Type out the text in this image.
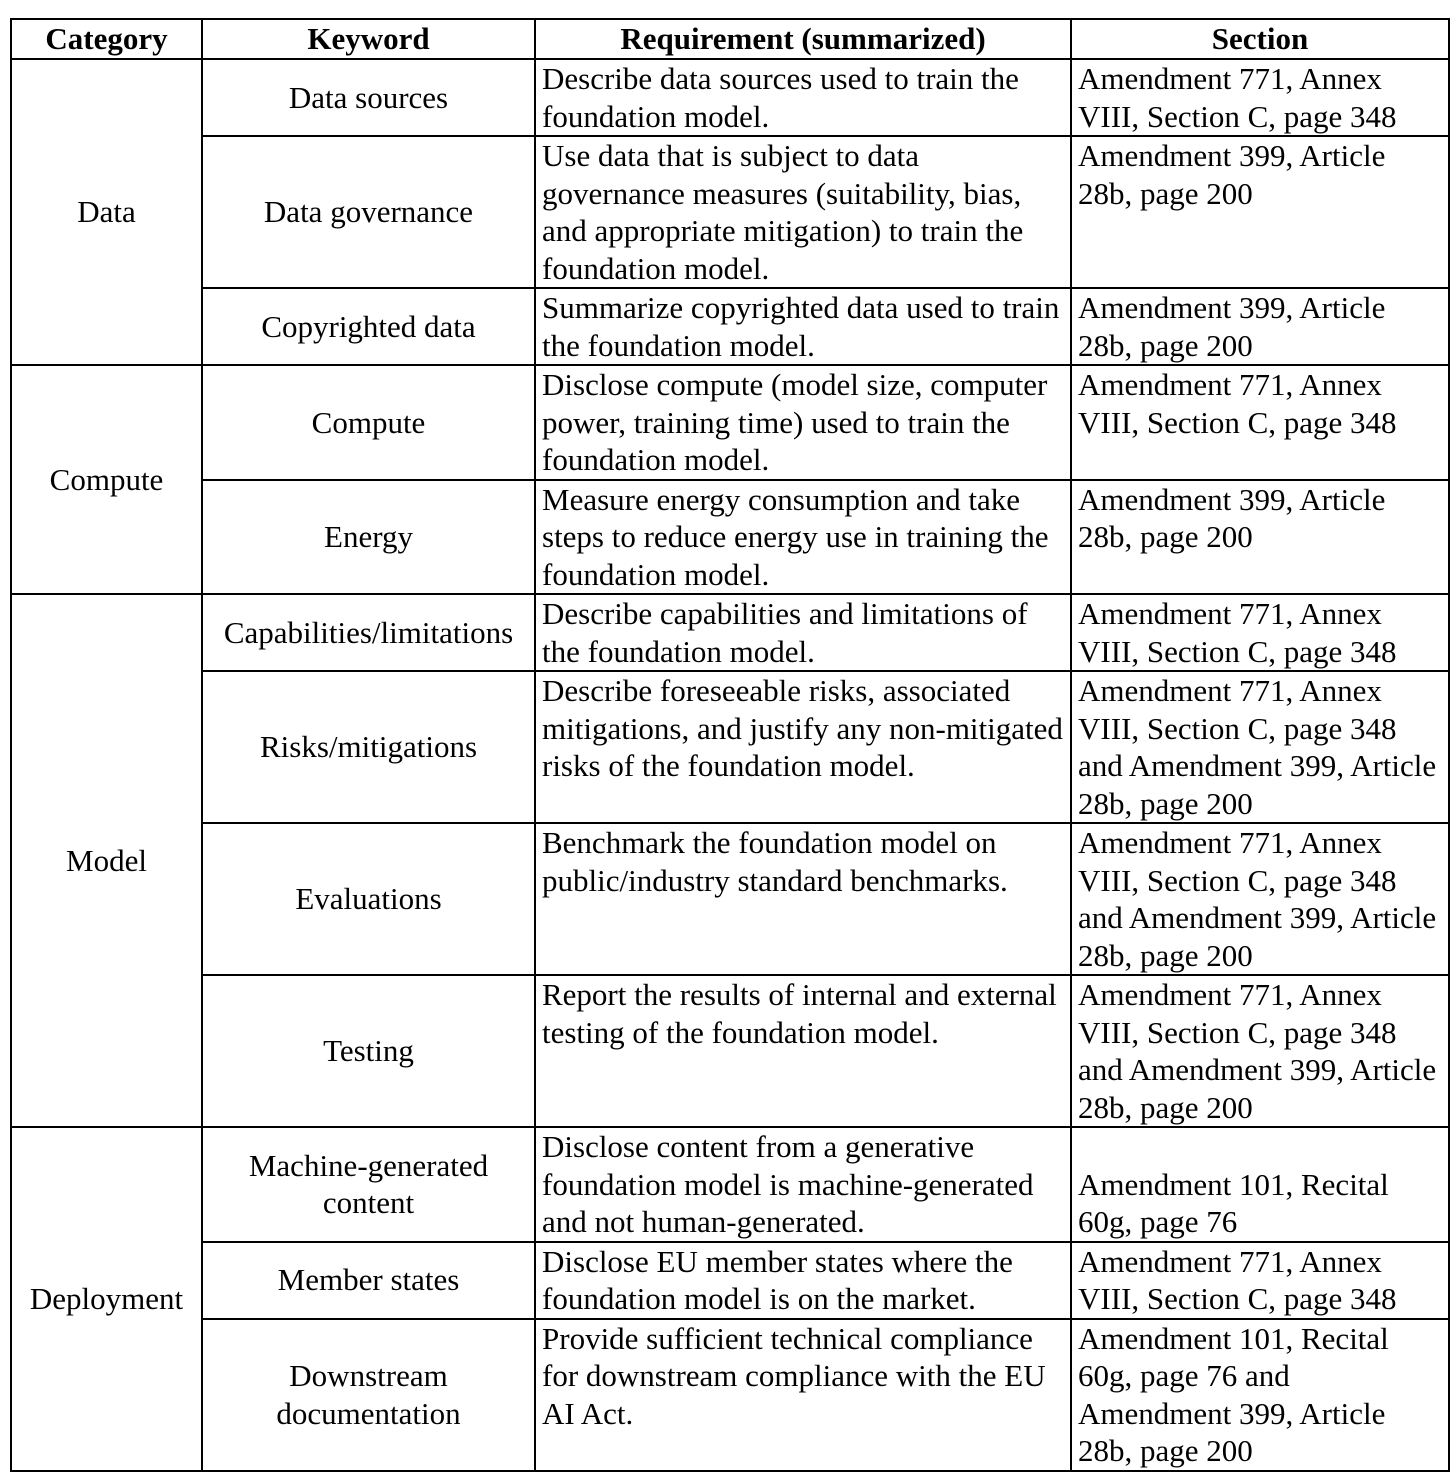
Category	Keyword	Requirement (summarized)	Section
Data	Data sources	Describe data sources used to train the foundation model.	Amendment 771, Annex VIII, Section C, page 348
	Data governance	Use data that is subject to data governance measures (suitability, bias, and appropriate mitigation) to train the foundation model.	Amendment 399, Article 28b, page 200
	Copyrighted data	Summarize copyrighted data used to train the foundation model.	Amendment 399, Article 28b, page 200
Compute	Compute	Disclose compute (model size, computer power, training time) used to train the foundation model.	Amendment 771, Annex VIII, Section C, page 348
	Energy	Measure energy consumption and take steps to reduce energy use in training the foundation model.	Amendment 399, Article 28b, page 200
Model	Capabilities/limitations	Describe capabilities and limitations of the foundation model.	Amendment 771, Annex VIII, Section C, page 348
	Risks/mitigations	Describe foreseeable risks, associated mitigations, and justify any non-mitigated risks of the foundation model.	Amendment 771, Annex VIII, Section C, page 348 and Amendment 399, Article 28b, page 200
	Evaluations	Benchmark the foundation model on public/industry standard benchmarks.	Amendment 771, Annex VIII, Section C, page 348 and Amendment 399, Article 28b, page 200
	Testing	Report the results of internal and external testing of the foundation model.	Amendment 771, Annex VIII, Section C, page 348 and Amendment 399, Article 28b, page 200
Deployment	Machine-generated content	Disclose content from a generative foundation model is machine-generated and not human-generated.	Amendment 101, Recital 60g, page 76
	Member states	Disclose EU member states where the foundation model is on the market.	Amendment 771, Annex VIII, Section C, page 348
	Downstream documentation	Provide sufficient technical compliance for downstream compliance with the EU AI Act.	Amendment 101, Recital 60g, page 76 and Amendment 399, Article 28b, page 200
